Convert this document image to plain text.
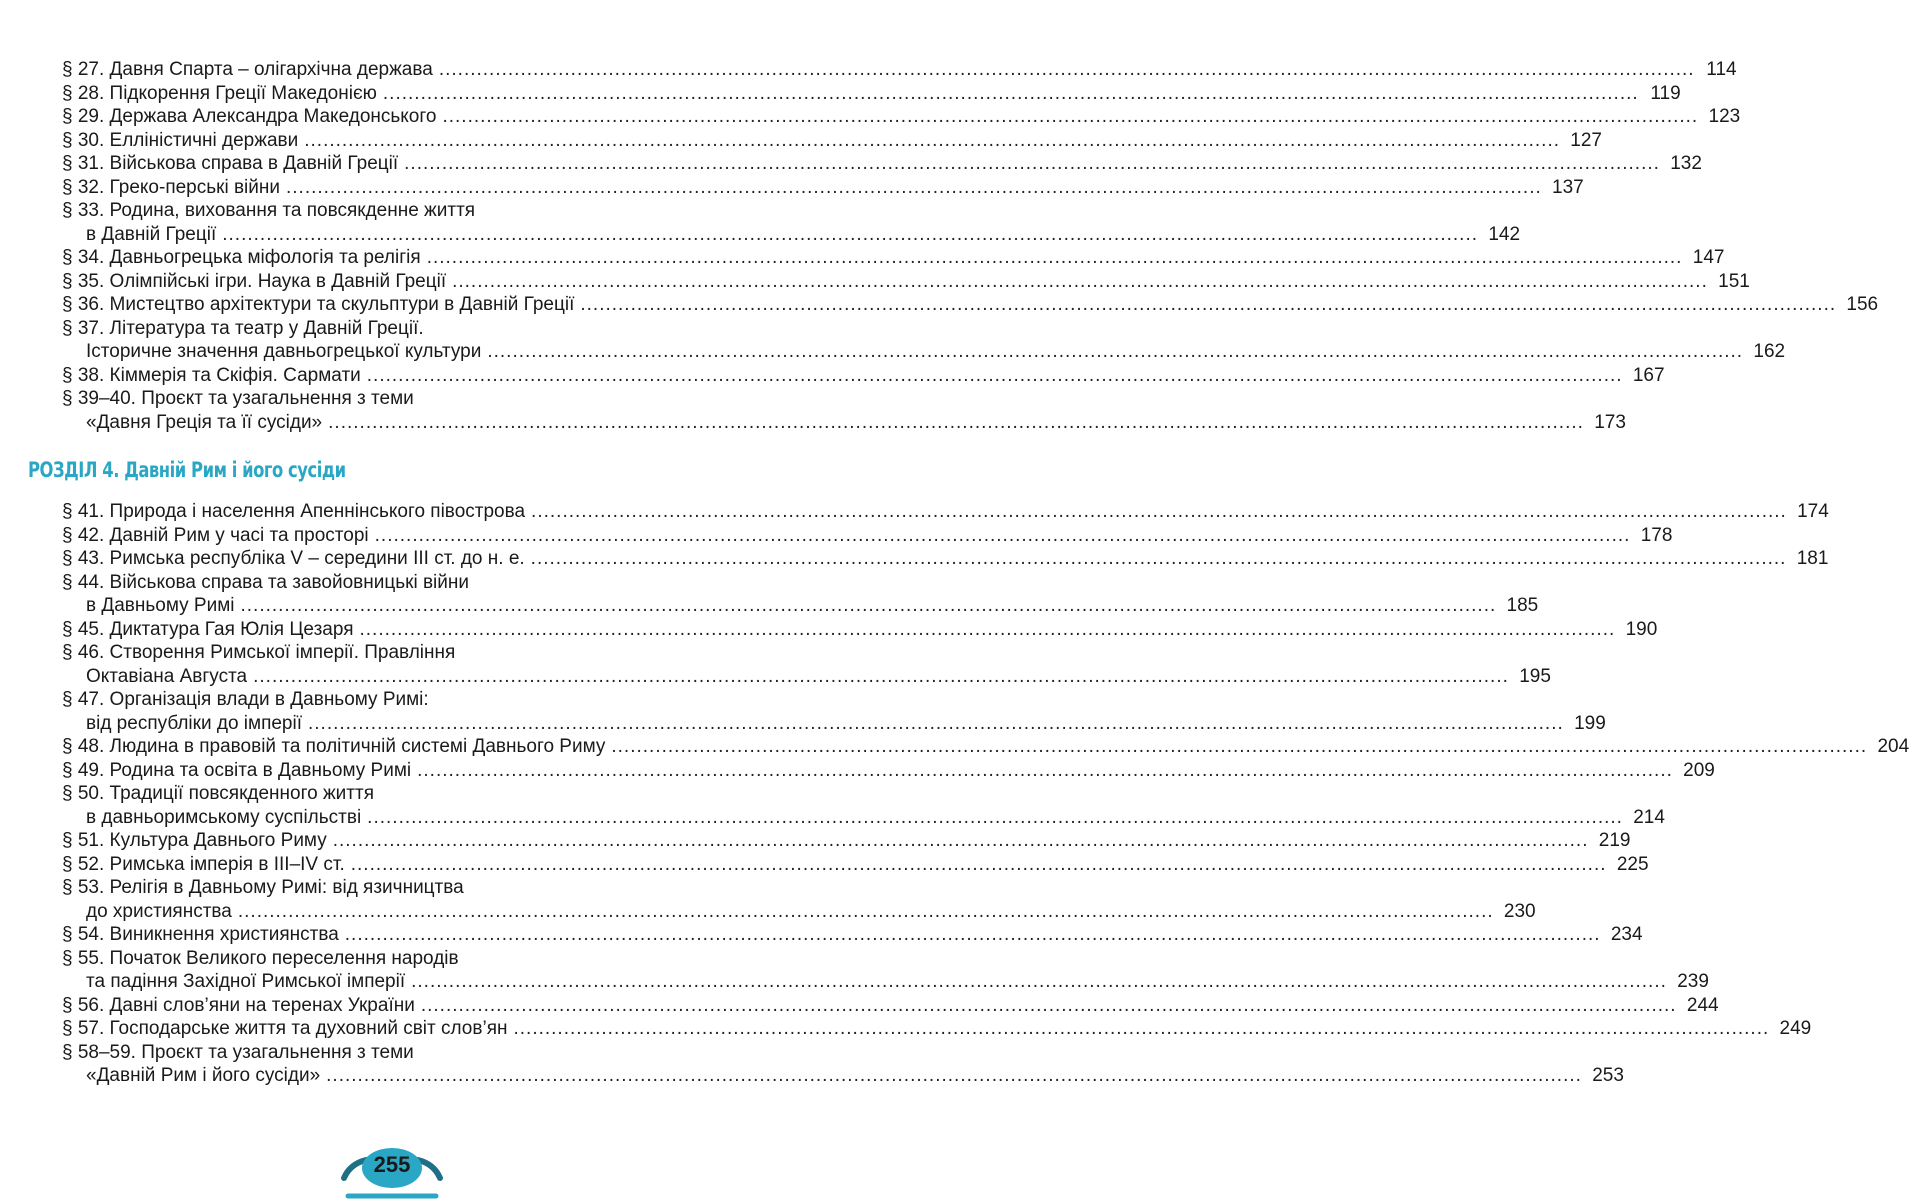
§ 27. Давня Спарта – олігархічна держава ........................................................................................................................................................................................................ 114
§ 28. Підкорення Греції Македонією ........................................................................................................................................................................................................ 119
§ 29. Держава Александра Македонського ........................................................................................................................................................................................................ 123
§ 30. Елліністичні держави ........................................................................................................................................................................................................ 127
§ 31. Військова справа в Давній Греції ........................................................................................................................................................................................................ 132
§ 32. Греко-перські війни ........................................................................................................................................................................................................ 137
§ 33. Родина, виховання та повсякденне життя
в Давній Греції ........................................................................................................................................................................................................ 142
§ 34. Давньогрецька міфологія та релігія ........................................................................................................................................................................................................ 147
§ 35. Олімпійські ігри. Наука в Давній Греції ........................................................................................................................................................................................................ 151
§ 36. Мистецтво архітектури та скульптури в Давній Греції ........................................................................................................................................................................................................ 156
§ 37. Література та театр у Давній Греції.
Історичне значення давньогрецької культури ........................................................................................................................................................................................................ 162
§ 38. Кіммерія та Скіфія. Сармати ........................................................................................................................................................................................................ 167
§ 39–40. Проєкт та узагальнення з теми
«Давня Греція та її сусіди» ........................................................................................................................................................................................................ 173
РОЗДІЛ 4. Давній Рим і його сусіди
§ 41. Природа і населення Апеннінського півострова ........................................................................................................................................................................................................ 174
§ 42. Давній Рим у часі та просторі ........................................................................................................................................................................................................ 178
§ 43. Римська республіка V – середини III ст. до н. е. ........................................................................................................................................................................................................ 181
§ 44. Військова справа та завойовницькі війни
в Давньому Римі ........................................................................................................................................................................................................ 185
§ 45. Диктатура Гая Юлія Цезаря ........................................................................................................................................................................................................ 190
§ 46. Створення Римської імперії. Правління
Октавіана Августа ........................................................................................................................................................................................................ 195
§ 47. Організація влади в Давньому Римі:
від республіки до імперії ........................................................................................................................................................................................................ 199
§ 48. Людина в правовій та політичній системі Давнього Риму ........................................................................................................................................................................................................ 204
§ 49. Родина та освіта в Давньому Римі ........................................................................................................................................................................................................ 209
§ 50. Традиції повсякденного життя
в давньоримському суспільстві ........................................................................................................................................................................................................ 214
§ 51. Культура Давнього Риму ........................................................................................................................................................................................................ 219
§ 52. Римська імперія в III–IV ст. ........................................................................................................................................................................................................ 225
§ 53. Релігія в Давньому Римі: від язичництва
до християнства ........................................................................................................................................................................................................ 230
§ 54. Виникнення християнства ........................................................................................................................................................................................................ 234
§ 55. Початок Великого переселення народів
та падіння Західної Римської імперії ........................................................................................................................................................................................................ 239
§ 56. Давні слов’яни на теренах України ........................................................................................................................................................................................................ 244
§ 57. Господарське життя та духовний світ слов’ян ........................................................................................................................................................................................................ 249
§ 58–59. Проєкт та узагальнення з теми
«Давній Рим і його сусіди» ........................................................................................................................................................................................................ 253
255
